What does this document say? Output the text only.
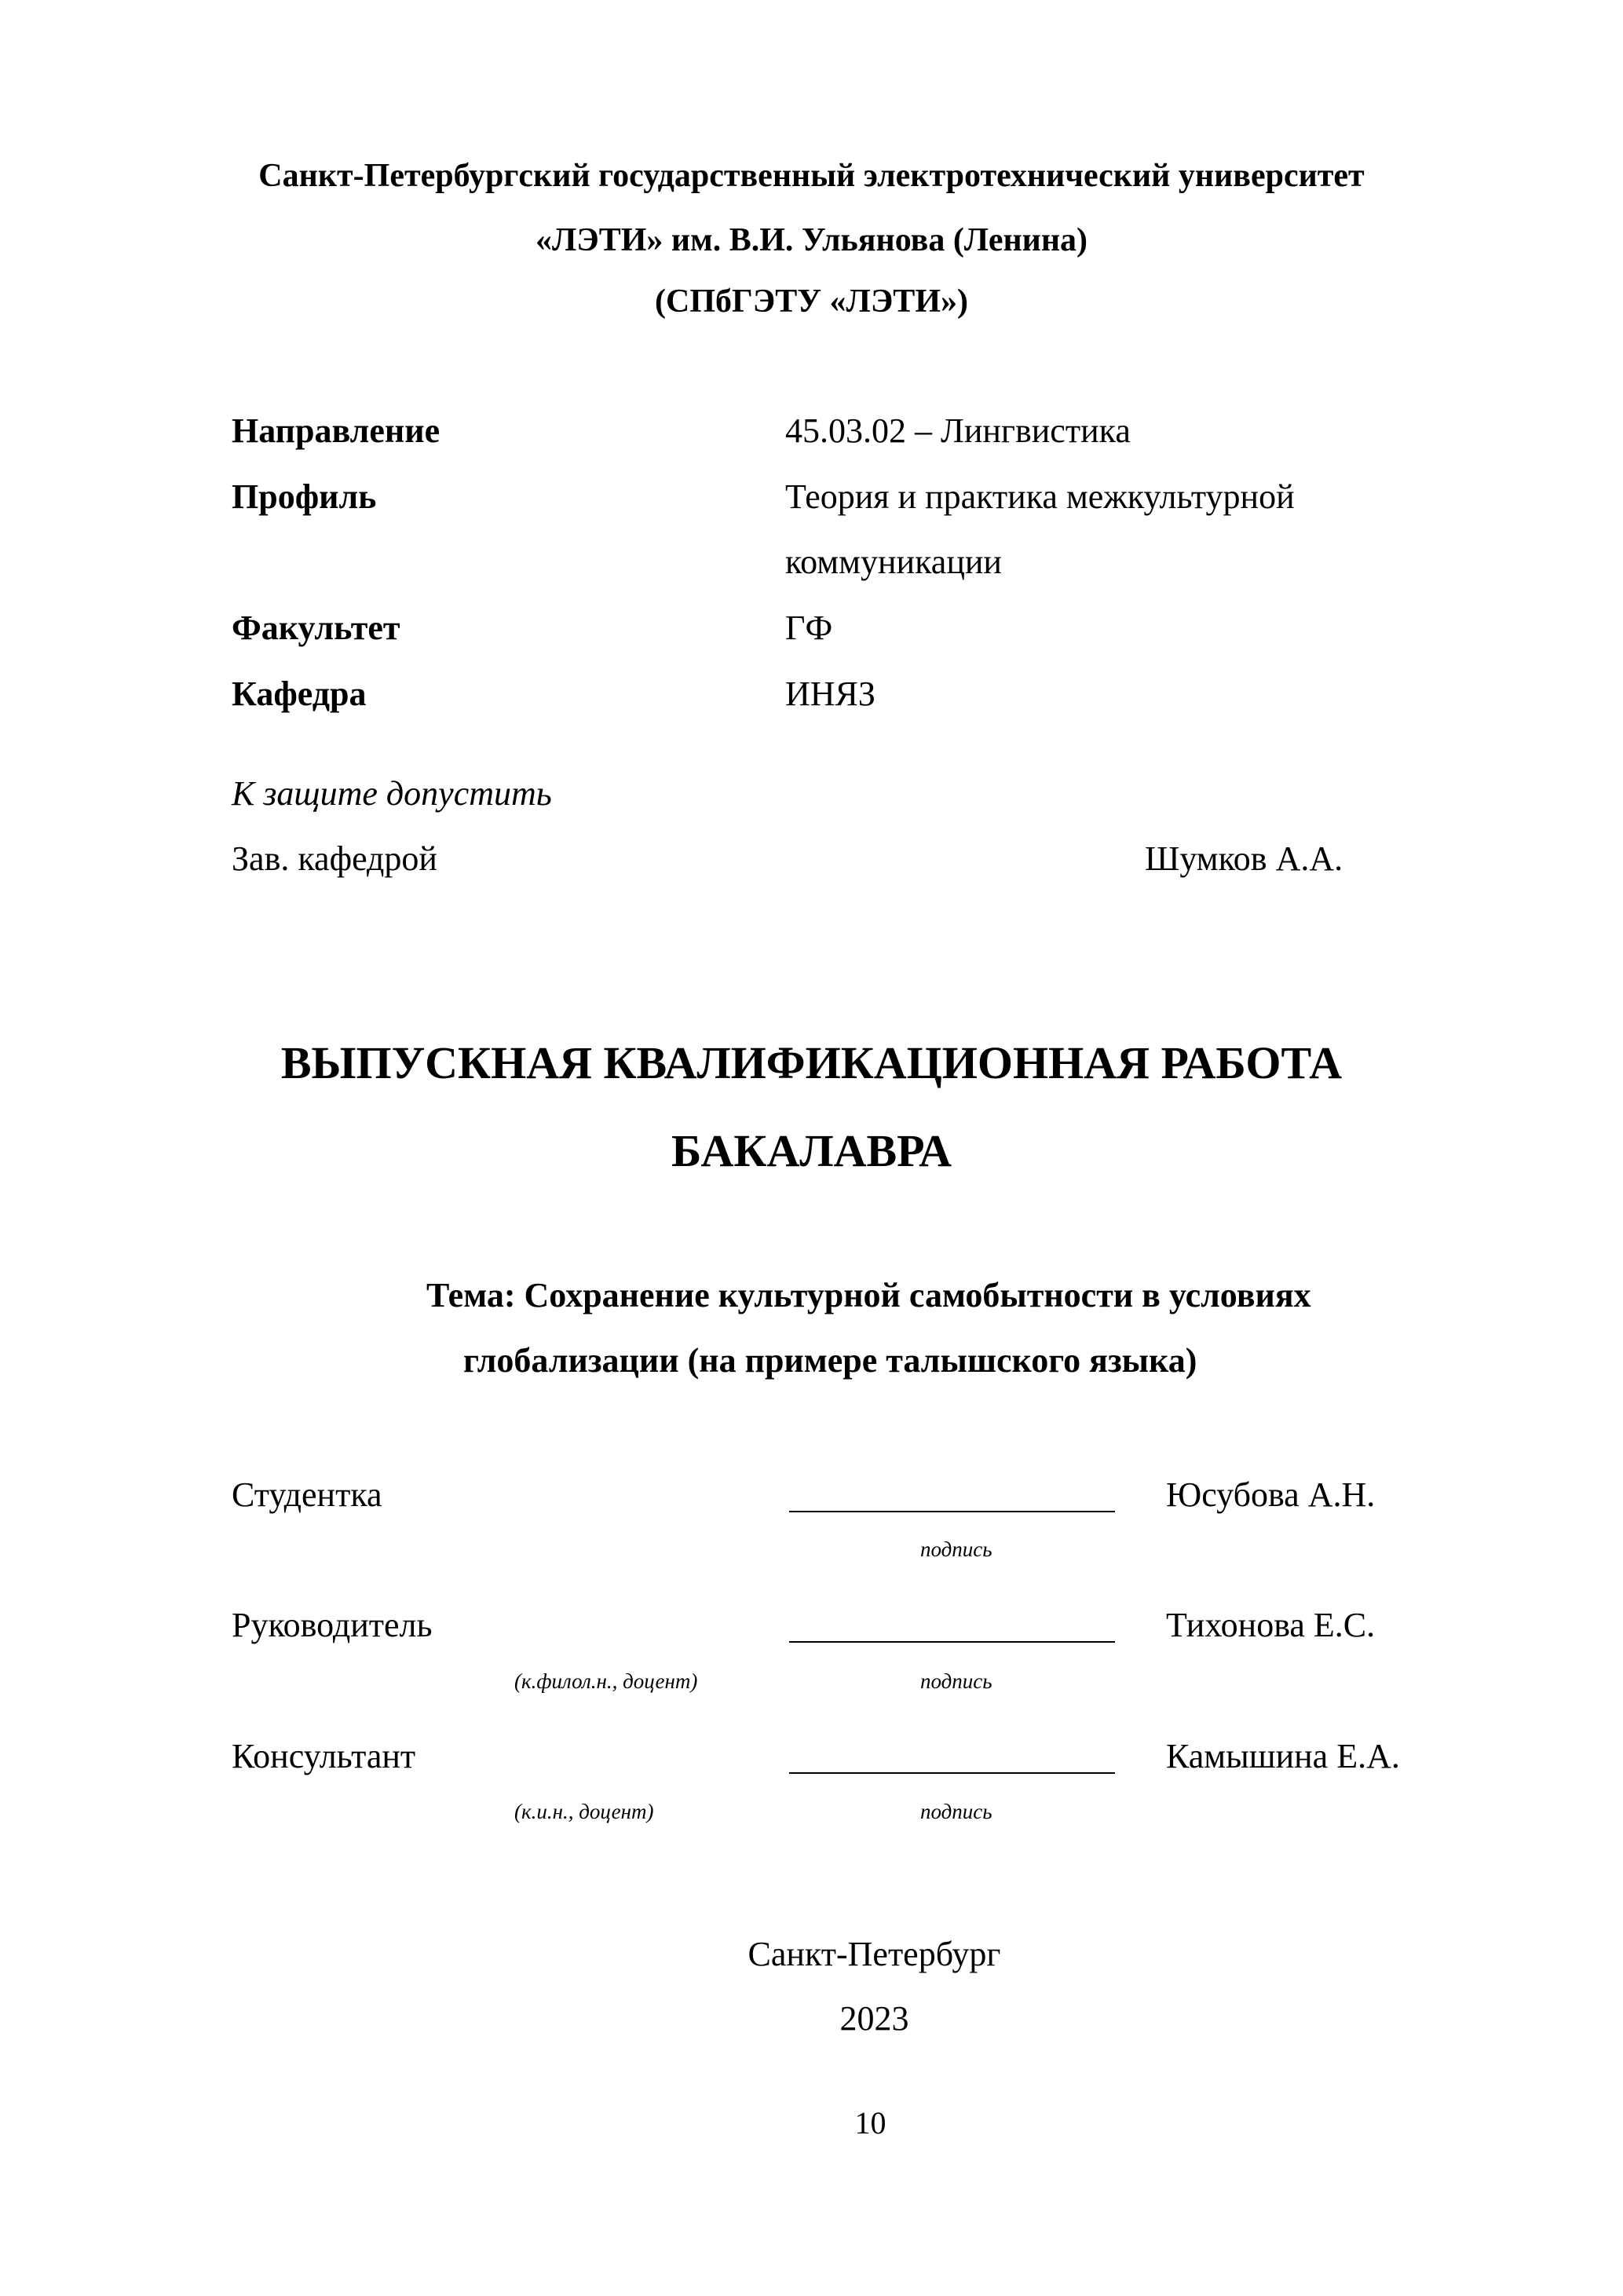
Санкт-Петербургский государственный электротехнический университет
«ЛЭТИ» им. В.И. Ульянова (Ленина)
(СПбГЭТУ «ЛЭТИ»)
Направление	45.03.02 – Лингвистика
Профиль	Теория и практика межкультурной
коммуникации
Факультет	ГФ
Кафедра	ИНЯЗ
К защите допустить
Зав. кафедрой	Шумков А.А.
ВЫПУСКНАЯ КВАЛИФИКАЦИОННАЯ РАБОТА
БАКАЛАВРА
Тема: Сохранение культурной самобытности в условиях
глобализации (на примере талышского языка)
Студентка	Юсубова А.Н.
подпись
Руководитель	Тихонова Е.С.
(к.филол.н., доцент)	подпись
Консультант	Камышина Е.А.
(к.и.н., доцент)	подпись
Санкт-Петербург
2023
10
